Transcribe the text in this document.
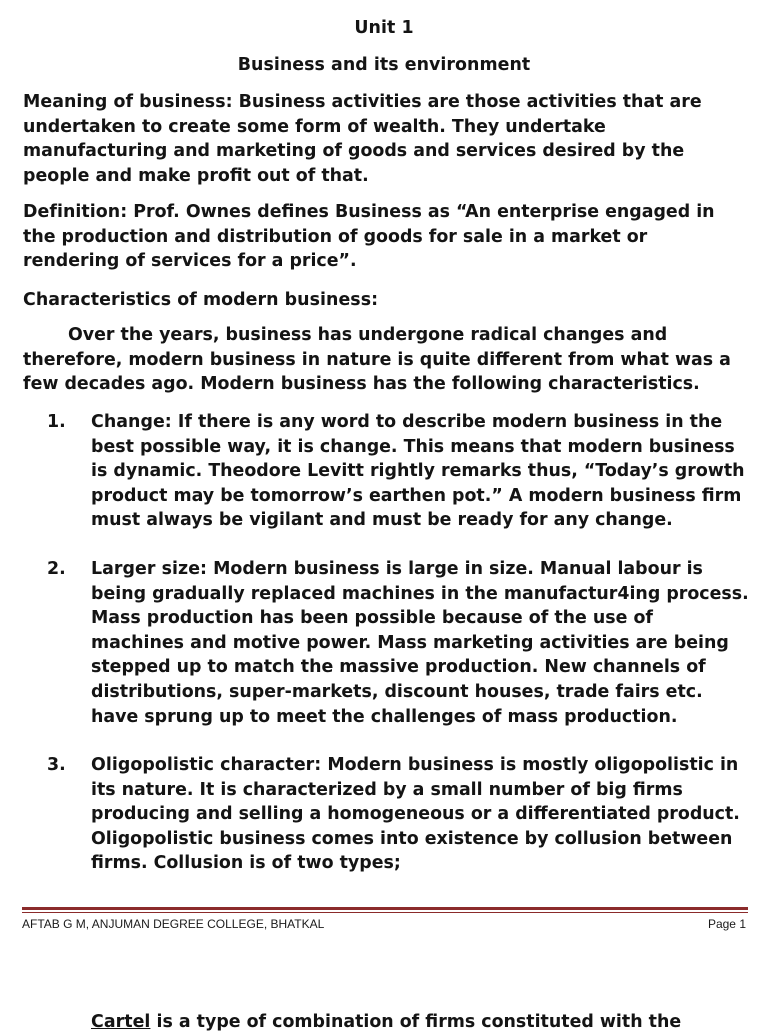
Unit 1
Business and its environment
Meaning of business: Business activities are those activities that are undertaken to create some form of wealth. They undertake manufacturing and marketing of goods and services desired by the people and make profit out of that.
Definition: Prof. Ownes defines Business as “An enterprise engaged in the production and distribution of goods for sale in a market or rendering of services for a price”.
Characteristics of modern business:
Over the years, business has undergone radical changes and therefore, modern business in nature is quite different from what was a few decades ago. Modern business has the following characteristics.
1. Change: If there is any word to describe modern business in the best possible way, it is change. This means that modern business is dynamic. Theodore Levitt rightly remarks thus, “Today’s growth product may be tomorrow’s earthen pot.” A modern business firm must always be vigilant and must be ready for any change.
2. Larger size: Modern business is large in size. Manual labour is being gradually replaced machines in the manufactur4ing process. Mass production has been possible because of the use of machines and motive power. Mass marketing activities are being stepped up to match the massive production. New channels of distributions, super-markets, discount houses, trade fairs etc. have sprung up to meet the challenges of mass production.
3. Oligopolistic character: Modern business is mostly oligopolistic in its nature. It is characterized by a small number of big firms producing and selling a homogeneous or a differentiated product. Oligopolistic business comes into existence by collusion between firms. Collusion is of two types;
AFTAB G M, ANJUMAN DEGREE COLLEGE, BHATKAL	Page 1
Cartel is a type of combination of firms constituted with the
